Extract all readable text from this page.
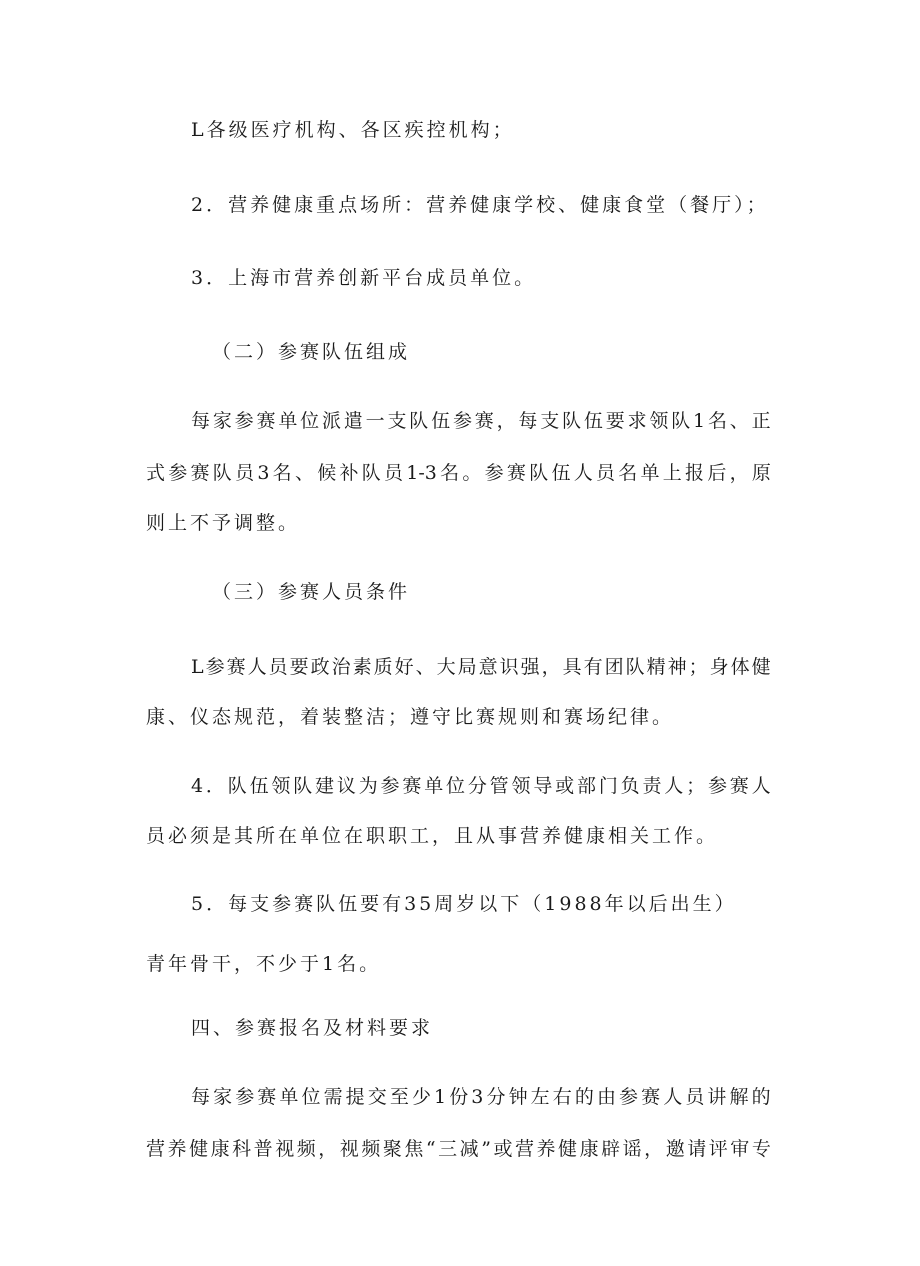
L各级医疗机构、各区疾控机构；
2．营养健康重点场所：营养健康学校、健康食堂（餐厅）；
3．上海市营养创新平台成员单位。
（二）参赛队伍组成
每 家 参 赛 单 位 派 遣 一 支 队 伍 参 赛 ， 每 支 队 伍 要 求 领 队 1 名 、 正
式 参 赛 队 员 3 名 、 候 补 队 员 1-3 名 。 参 赛 队 伍 人 员 名 单 上 报 后 ， 原
则上不予调整。
（三）参赛人员条件
L 参 赛 人 员 要 政 治 素 质 好 、 大 局 意 识 强 ， 具 有 团 队 精 神 ； 身 体 健
康、仪态规范，着装整洁；遵守比赛规则和赛场纪律。
4 ． 队 伍 领 队 建 议 为 参 赛 单 位 分 管 领 导 或 部 门 负 责 人 ； 参 赛 人
员必须是其所在单位在职职工，且从事营养健康相关工作。
5．每支参赛队伍要有35周岁以下（1988年以后出生）
青年骨干，不少于1名。
四、参赛报名及材料要求
每 家 参 赛 单 位 需 提 交 至 少 1 份 3 分 钟 左 右 的 由 参 赛 人 员 讲 解 的
营 养 健 康 科 普 视 频 ， 视 频 聚 焦 “ 三 减 ” 或 营 养 健 康 辟 谣 ， 邀 请 评 审 专
